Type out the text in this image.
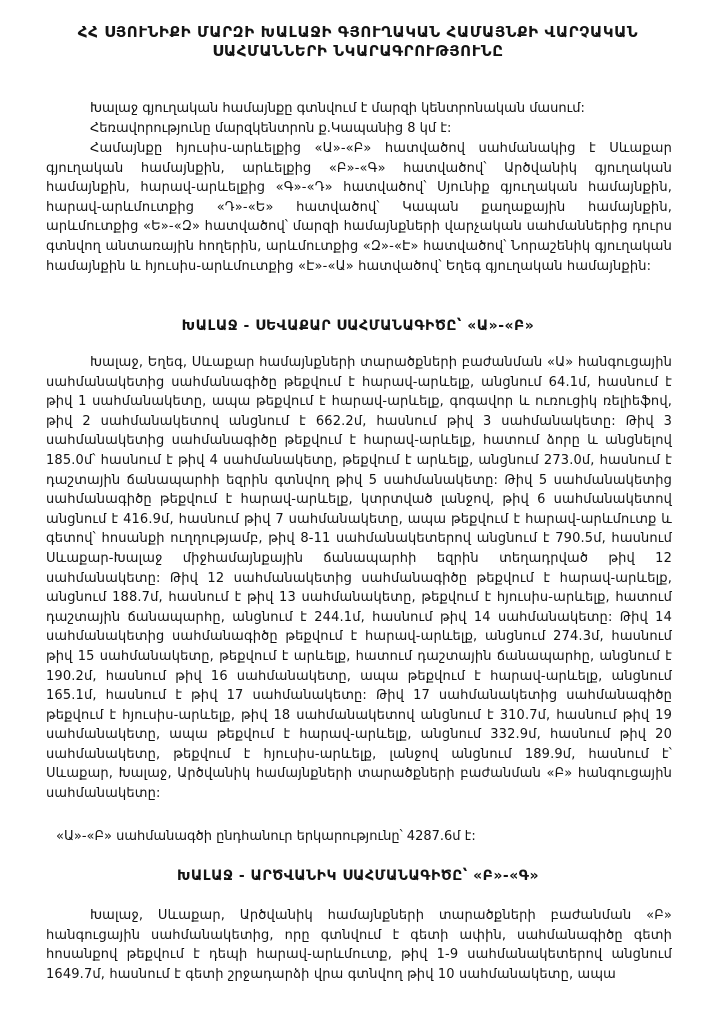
ՀՀ ՍՅՈՒՆԻՔԻ ՄԱՐԶԻ ԽԱԼԱՋԻ ԳՅՈՒՂԱԿԱՆ ՀԱՄԱՅՆՔԻ ՎԱՐՉԱԿԱՆ
ՍԱՀՄԱՆՆԵՐԻ ՆԿԱՐԱԳՐՈՒԹՅՈՒՆԸ
Խալաջ գյուղական համայնքը գտնվում է մարզի կենտրոնական մասում:
Հեռավորությունը մարզկենտրոն ք.Կապանից 8 կմ է:
Համայնքը հյուսիս-արևելքից «Ա»-«Բ» հատվածով սահմանակից է Սևաքար գյուղական համայնքին, արևելքից «Բ»-«Գ» հատվածով՝ Արծվանիկ գյուղական համայնքին, հարավ-արևելքից «Գ»-«Դ» հատվածով՝ Սյունիք գյուղական համայնքին, հարավ-արևմուտքից «Դ»-«Ե» հատվածով՝ Կապան քաղաքային համայնքին, արևմուտքից «Ե»-«Զ» հատվածով՝ մարզի համայնքների վարչական սահմաններից դուրս գտնվող անտառային հողերին, արևմուտքից «Զ»-«Է» հատվածով՝ Նորաշենիկ գյուղական համայնքին և հյուսիս-արևմուտքից «Է»-«Ա» հատվածով՝ Եղեգ գյուղական համայնքին:
ԽԱԼԱՋ - ՍԵՎԱՔԱՐ ՍԱՀՄԱՆԱԳԻԾԸ՝ «Ա»-«Բ»
Խալաջ, Եղեգ, Սևաքար համայնքների տարածքների բաժանման «Ա» հանգուցային սահմանակետից սահմանագիծը թեքվում է հարավ-արևելք, անցնում 64.1մ, հասնում է թիվ 1 սահմանակետը, ապա թեքվում է հարավ-արևելք, գոգավոր և ուռուցիկ ռելիեֆով, թիվ 2 սահմանակետով անցնում է 662.2մ, հասնում թիվ 3 սահմանակետը: Թիվ 3 սահմանակետից սահմանագիծը թեքվում է հարավ-արևելք, հատում ձորը և անցնելով 185.0մ՝ հասնում է թիվ 4 սահմանակետը, թեքվում է արևելք, անցնում 273.0մ, հասնում է դաշտային ճանապարհի եզրին գտնվող թիվ 5 սահմանակետը: Թիվ 5 սահմանակետից սահմանագիծը թեքվում է հարավ-արևելք, կտրտված լանջով, թիվ 6 սահմանակետով անցնում է 416.9մ, հասնում թիվ 7 սահմանակետը, ապա թեքվում է հարավ-արևմուտք և գետով՝ հոսանքի ուղղությամբ, թիվ 8-11 սահմանակետերով անցնում է 790.5մ, հասնում Սևաքար-Խալաջ միջհամայնքային ճանապարհի եզրին տեղադրված թիվ 12 սահմանակետը: Թիվ 12 սահմանակետից սահմանագիծը թեքվում է հարավ-արևելք, անցնում 188.7մ, հասնում է թիվ 13 սահմանակետը, թեքվում է հյուսիս-արևելք, հատում դաշտային ճանապարհը, անցնում է 244.1մ, հասնում թիվ 14 սահմանակետը: Թիվ 14 սահմանակետից սահմանագիծը թեքվում է հարավ-արևելք, անցնում 274.3մ, հասնում թիվ 15 սահմանակետը, թեքվում է արևելք, հատում դաշտային ճանապարհը, անցնում է 190.2մ, հասնում թիվ 16 սահմանակետը, ապա թեքվում է հարավ-արևելք, անցնում 165.1մ, հասնում է թիվ 17 սահմանակետը: Թիվ 17 սահմանակետից սահմանագիծը թեքվում է հյուսիս-արևելք, թիվ 18 սահմանակետով անցնում է 310.7մ, հասնում թիվ 19 սահմանակետը, ապա թեքվում է հարավ-արևելք, անցնում 332.9մ, հասնում թիվ 20 սահմանակետը, թեքվում է հյուսիս-արևելք, լանջով անցնում 189.9մ, հասնում է՝ Սևաքար, Խալաջ, Արծվանիկ համայնքների տարածքների բաժանման «Բ» հանգուցային սահմանակետը:
«Ա»-«Բ» սահմանագծի ընդհանուր երկարությունը՝ 4287.6մ է:
ԽԱԼԱՋ - ԱՐԾՎԱՆԻԿ ՍԱՀՄԱՆԱԳԻԾԸ՝ «Բ»-«Գ»
Խալաջ, Սևաքար, Արծվանիկ համայնքների տարածքների բաժանման «Բ» հանգուցային սահմանակետից, որը գտնվում է գետի ափին, սահմանագիծը գետի հոսանքով թեքվում է դեպի հարավ-արևմուտք, թիվ 1-9 սահմանակետերով անցնում 1649.7մ, հասնում է գետի շրջադարձի վրա գտնվող թիվ 10 սահմանակետը, ապա
